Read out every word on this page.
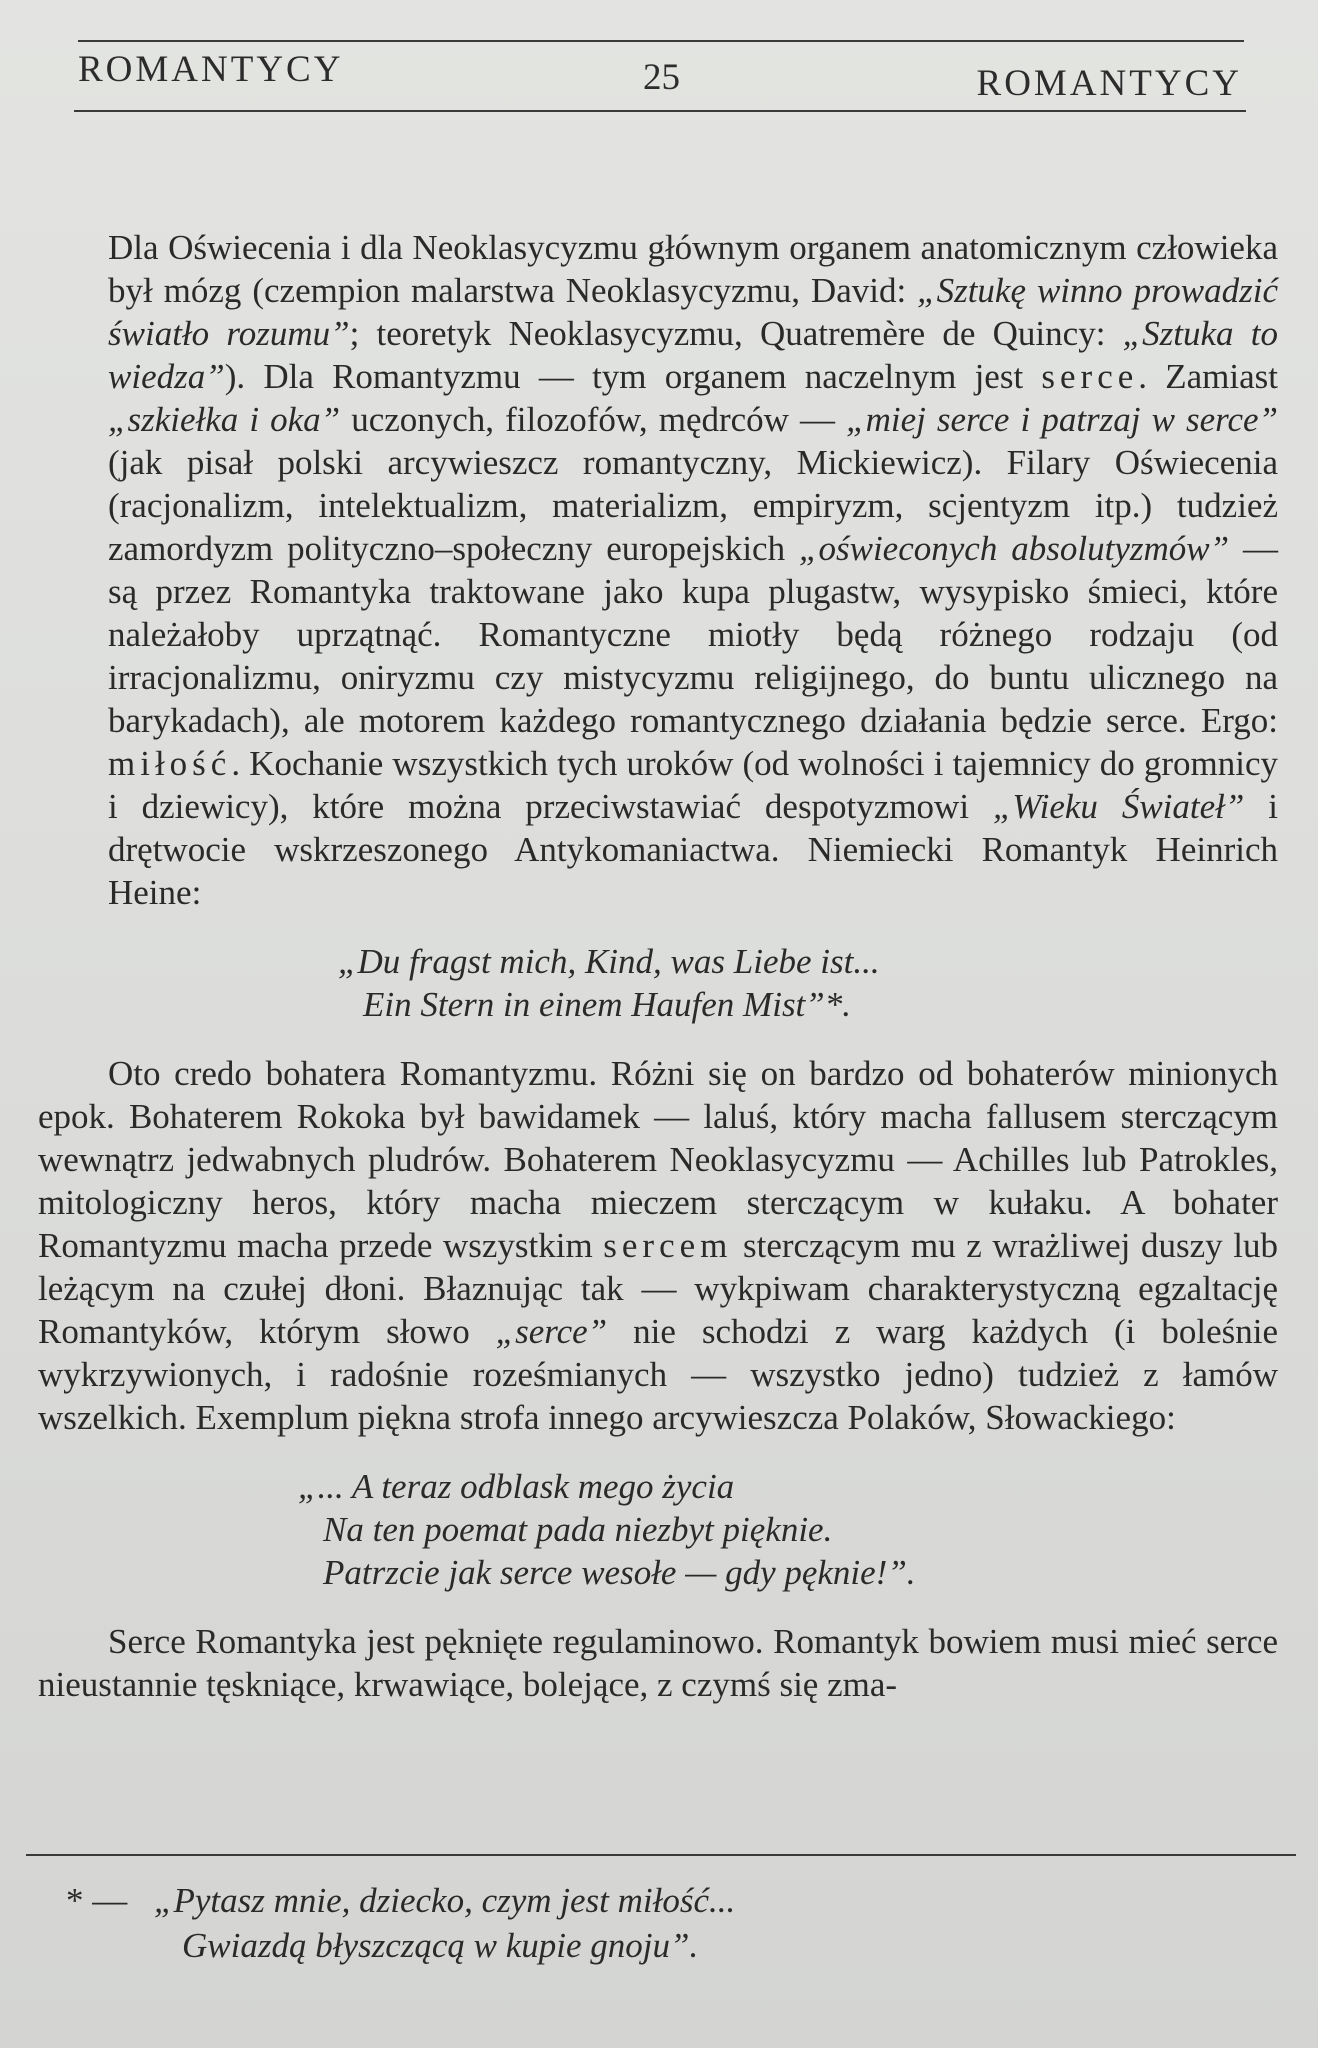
ROMANTYCY	25	ROMANTYCY

Dla Oświecenia i dla Neoklasycyzmu głównym organem anatomicznym człowieka był mózg (czempion malarstwa Neoklasycyzmu, David: „Sztukę winno prowadzić światło rozumu”; teoretyk Neoklasycyzmu, Quatremère de Quincy: „Sztuka to wiedza”). Dla Romantyzmu — tym organem naczelnym jest serce. Zamiast „szkiełka i oka” uczonych, filozofów, mędrców — „miej serce i patrzaj w serce” (jak pisał polski arcywieszcz romantyczny, Mickiewicz). Filary Oświecenia (racjonalizm, intelektualizm, materializm, empiryzm, scjentyzm itp.) tudzież zamordyzm polityczno–społeczny europejskich „oświeconych absolutyzmów” — są przez Romantyka traktowane jako kupa plugastw, wysypisko śmieci, które należałoby uprzątnąć. Romantyczne miotły będą różnego rodzaju (od irracjonalizmu, oniryzmu czy mistycyzmu religijnego, do buntu ulicznego na barykadach), ale motorem każdego romantycznego działania będzie serce. Ergo: miłość. Kochanie wszystkich tych uroków (od wolności i tajemnicy do gromnicy i dziewicy), które można przeciwstawiać despotyzmowi „Wieku Świateł” i drętwocie wskrzeszonego Antykomaniactwa. Niemiecki Romantyk Heinrich Heine:

„Du fragst mich, Kind, was Liebe ist...
Ein Stern in einem Haufen Mist”*.

Oto credo bohatera Romantyzmu. Różni się on bardzo od bohaterów minionych epok. Bohaterem Rokoka był bawidamek — laluś, który macha fallusem sterczącym wewnątrz jedwabnych pludrów. Bohaterem Neoklasycyzmu — Achilles lub Patrokles, mitologiczny heros, który macha mieczem sterczącym w kułaku. A bohater Romantyzmu macha przede wszystkim sercem sterczącym mu z wrażliwej duszy lub leżącym na czułej dłoni. Błaznując tak — wykpiwam charakterystyczną egzaltację Romantyków, którym słowo „serce” nie schodzi z warg każdych (i boleśnie wykrzywionych, i radośnie roześmianych — wszystko jedno) tudzież z łamów wszelkich. Exemplum piękna strofa innego arcywieszcza Polaków, Słowackiego:

„... A teraz odblask mego życia
Na ten poemat pada niezbyt pięknie.
Patrzcie jak serce wesołe — gdy pęknie!”.

Serce Romantyka jest pęknięte regulaminowo. Romantyk bowiem musi mieć serce nieustannie tęskniące, krwawiące, bolejące, z czymś się zma-

* — „Pytasz mnie, dziecko, czym jest miłość...
Gwiazdą błyszczącą w kupie gnoju”.
